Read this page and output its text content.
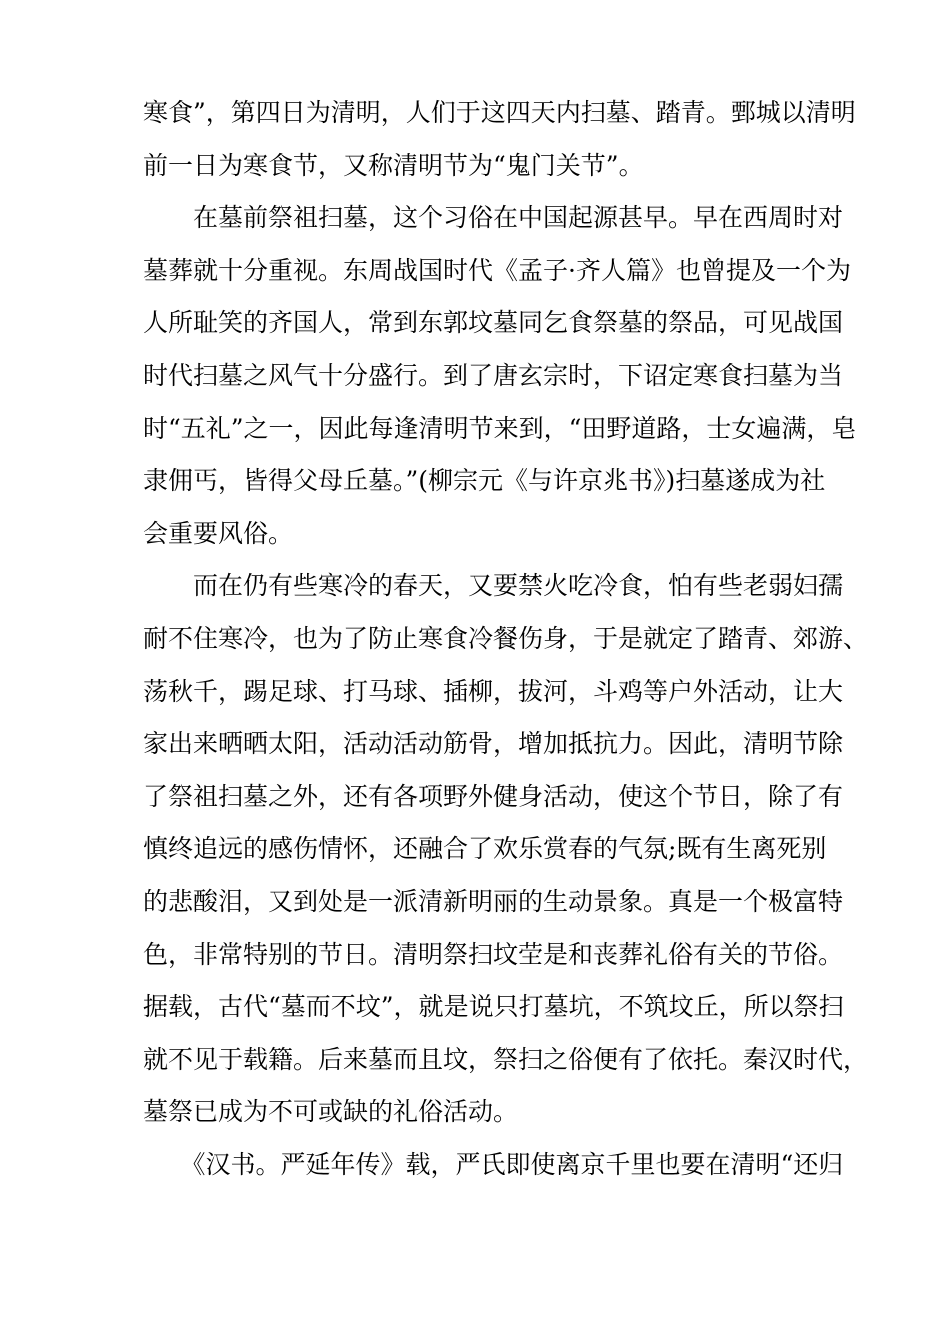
寒食”，第四日为清明，人们于这四天内扫墓、踏青。鄄城以清明

前一日为寒食节，又称清明节为“鬼门关节”。

　　在墓前祭祖扫墓，这个习俗在中国起源甚早。早在西周时对

墓葬就十分重视。东周战国时代《孟子·齐人篇》也曾提及一个为

人所耻笑的齐国人，常到东郭坟墓同乞食祭墓的祭品，可见战国

时代扫墓之风气十分盛行。到了唐玄宗时，下诏定寒食扫墓为当

时“五礼”之一，因此每逢清明节来到，“田野道路，士女遍满，皂

隶佣丐，皆得父母丘墓。”(柳宗元《与许京兆书》)扫墓遂成为社

会重要风俗。

　　而在仍有些寒冷的春天，又要禁火吃冷食，怕有些老弱妇孺

耐不住寒冷，也为了防止寒食冷餐伤身，于是就定了踏青、郊游、

荡秋千，踢足球、打马球、插柳，拔河，斗鸡等户外活动，让大

家出来晒晒太阳，活动活动筋骨，增加抵抗力。因此，清明节除

了祭祖扫墓之外，还有各项野外健身活动，使这个节日，除了有

慎终追远的感伤情怀，还融合了欢乐赏春的气氛;既有生离死别

的悲酸泪，又到处是一派清新明丽的生动景象。真是一个极富特

色，非常特别的节日。清明祭扫坟茔是和丧葬礼俗有关的节俗。

据载，古代“墓而不坟”，就是说只打墓坑，不筑坟丘，所以祭扫

就不见于载籍。后来墓而且坟，祭扫之俗便有了依托。秦汉时代，

墓祭已成为不可或缺的礼俗活动。

　　《汉书。严延年传》载，严氏即使离京千里也要在清明“还归
